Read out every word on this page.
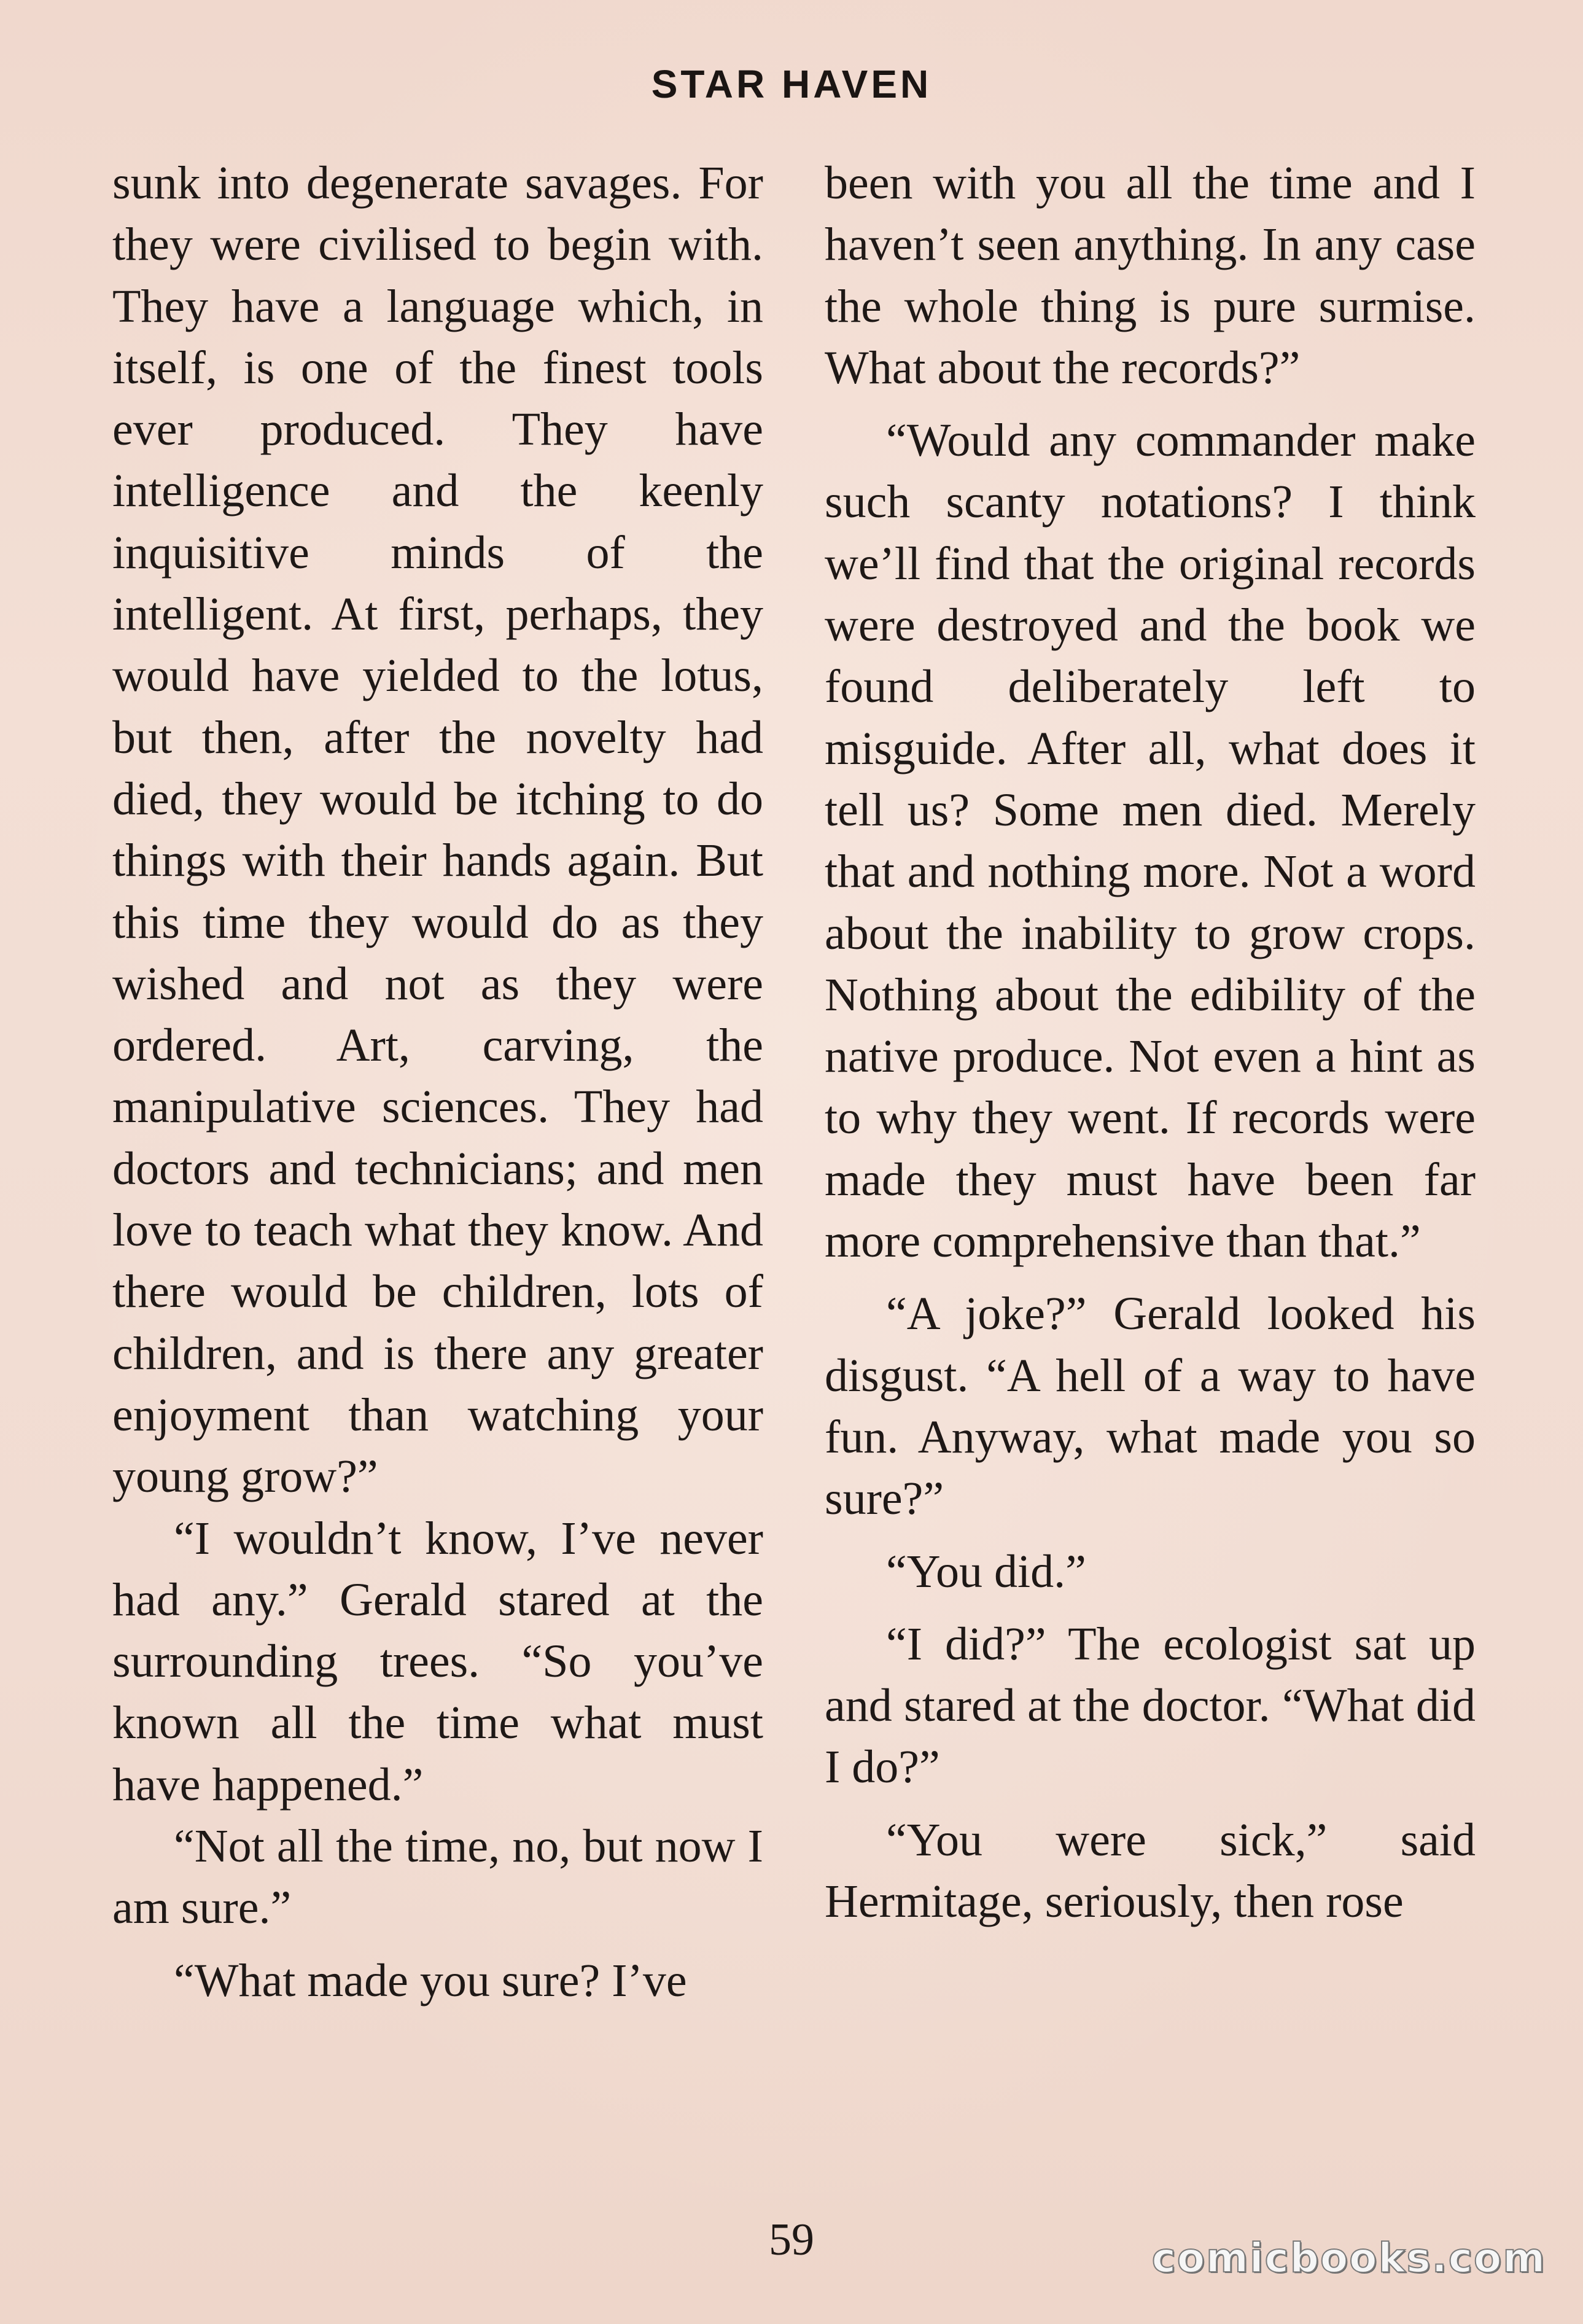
STAR HAVEN

sunk into degenerate savages. For they were civilised to begin with. They have a language which, in itself, is one of the finest tools ever produced. They have intelligence and the keenly inquisitive minds of the intelligent. At first, perhaps, they would have yielded to the lotus, but then, after the novelty had died, they would be itching to do things with their hands again. But this time they would do as they wished and not as they were ordered. Art, carving, the manipulative sciences. They had doctors and technicians; and men love to teach what they know. And there would be children, lots of children, and is there any greater enjoyment than watching your young grow?”

“I wouldn’t know, I’ve never had any.” Gerald stared at the surrounding trees. “So you’ve known all the time what must have happened.”

“Not all the time, no, but now I am sure.”

“What made you sure? I’ve

been with you all the time and I haven’t seen anything. In any case the whole thing is pure surmise. What about the records?”

“Would any commander make such scanty notations? I think we’ll find that the original records were destroyed and the book we found deliberately left to misguide. After all, what does it tell us? Some men died. Merely that and nothing more. Not a word about the inability to grow crops. Nothing about the edibility of the native produce. Not even a hint as to why they went. If records were made they must have been far more comprehensive than that.”

“A joke?” Gerald looked his disgust. “A hell of a way to have fun. Anyway, what made you so sure?”

“You did.”

“I did?” The ecologist sat up and stared at the doctor. “What did I do?”

“You were sick,” said Hermitage, seriously, then rose

59	comicbooks.com
